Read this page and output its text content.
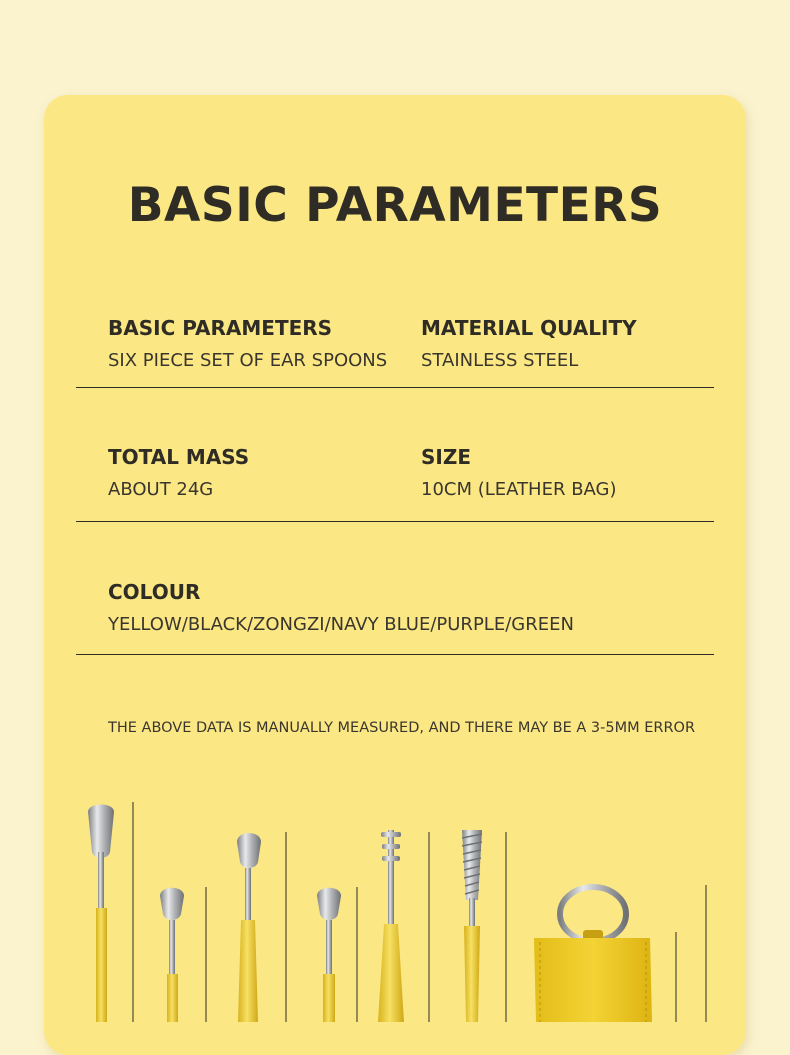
BASIC PARAMETERS
BASIC PARAMETERS
SIX PIECE SET OF EAR SPOONS
MATERIAL QUALITY
STAINLESS STEEL
TOTAL MASS
ABOUT 24G
SIZE
10CM (LEATHER BAG)
COLOUR
YELLOW/BLACK/ZONGZI/NAVY BLUE/PURPLE/GREEN
THE ABOVE DATA IS MANUALLY MEASURED, AND THERE MAY BE A 3-5MM ERROR
